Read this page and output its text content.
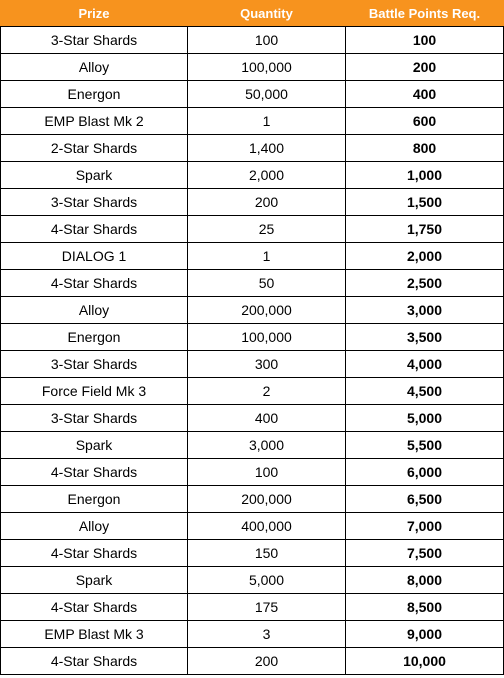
Prize	Quantity	Battle Points Req.
3-Star Shards	100	100
Alloy	100,000	200
Energon	50,000	400
EMP Blast Mk 2	1	600
2-Star Shards	1,400	800
Spark	2,000	1,000
3-Star Shards	200	1,500
4-Star Shards	25	1,750
DIALOG 1	1	2,000
4-Star Shards	50	2,500
Alloy	200,000	3,000
Energon	100,000	3,500
3-Star Shards	300	4,000
Force Field Mk 3	2	4,500
3-Star Shards	400	5,000
Spark	3,000	5,500
4-Star Shards	100	6,000
Energon	200,000	6,500
Alloy	400,000	7,000
4-Star Shards	150	7,500
Spark	5,000	8,000
4-Star Shards	175	8,500
EMP Blast Mk 3	3	9,000
4-Star Shards	200	10,000
